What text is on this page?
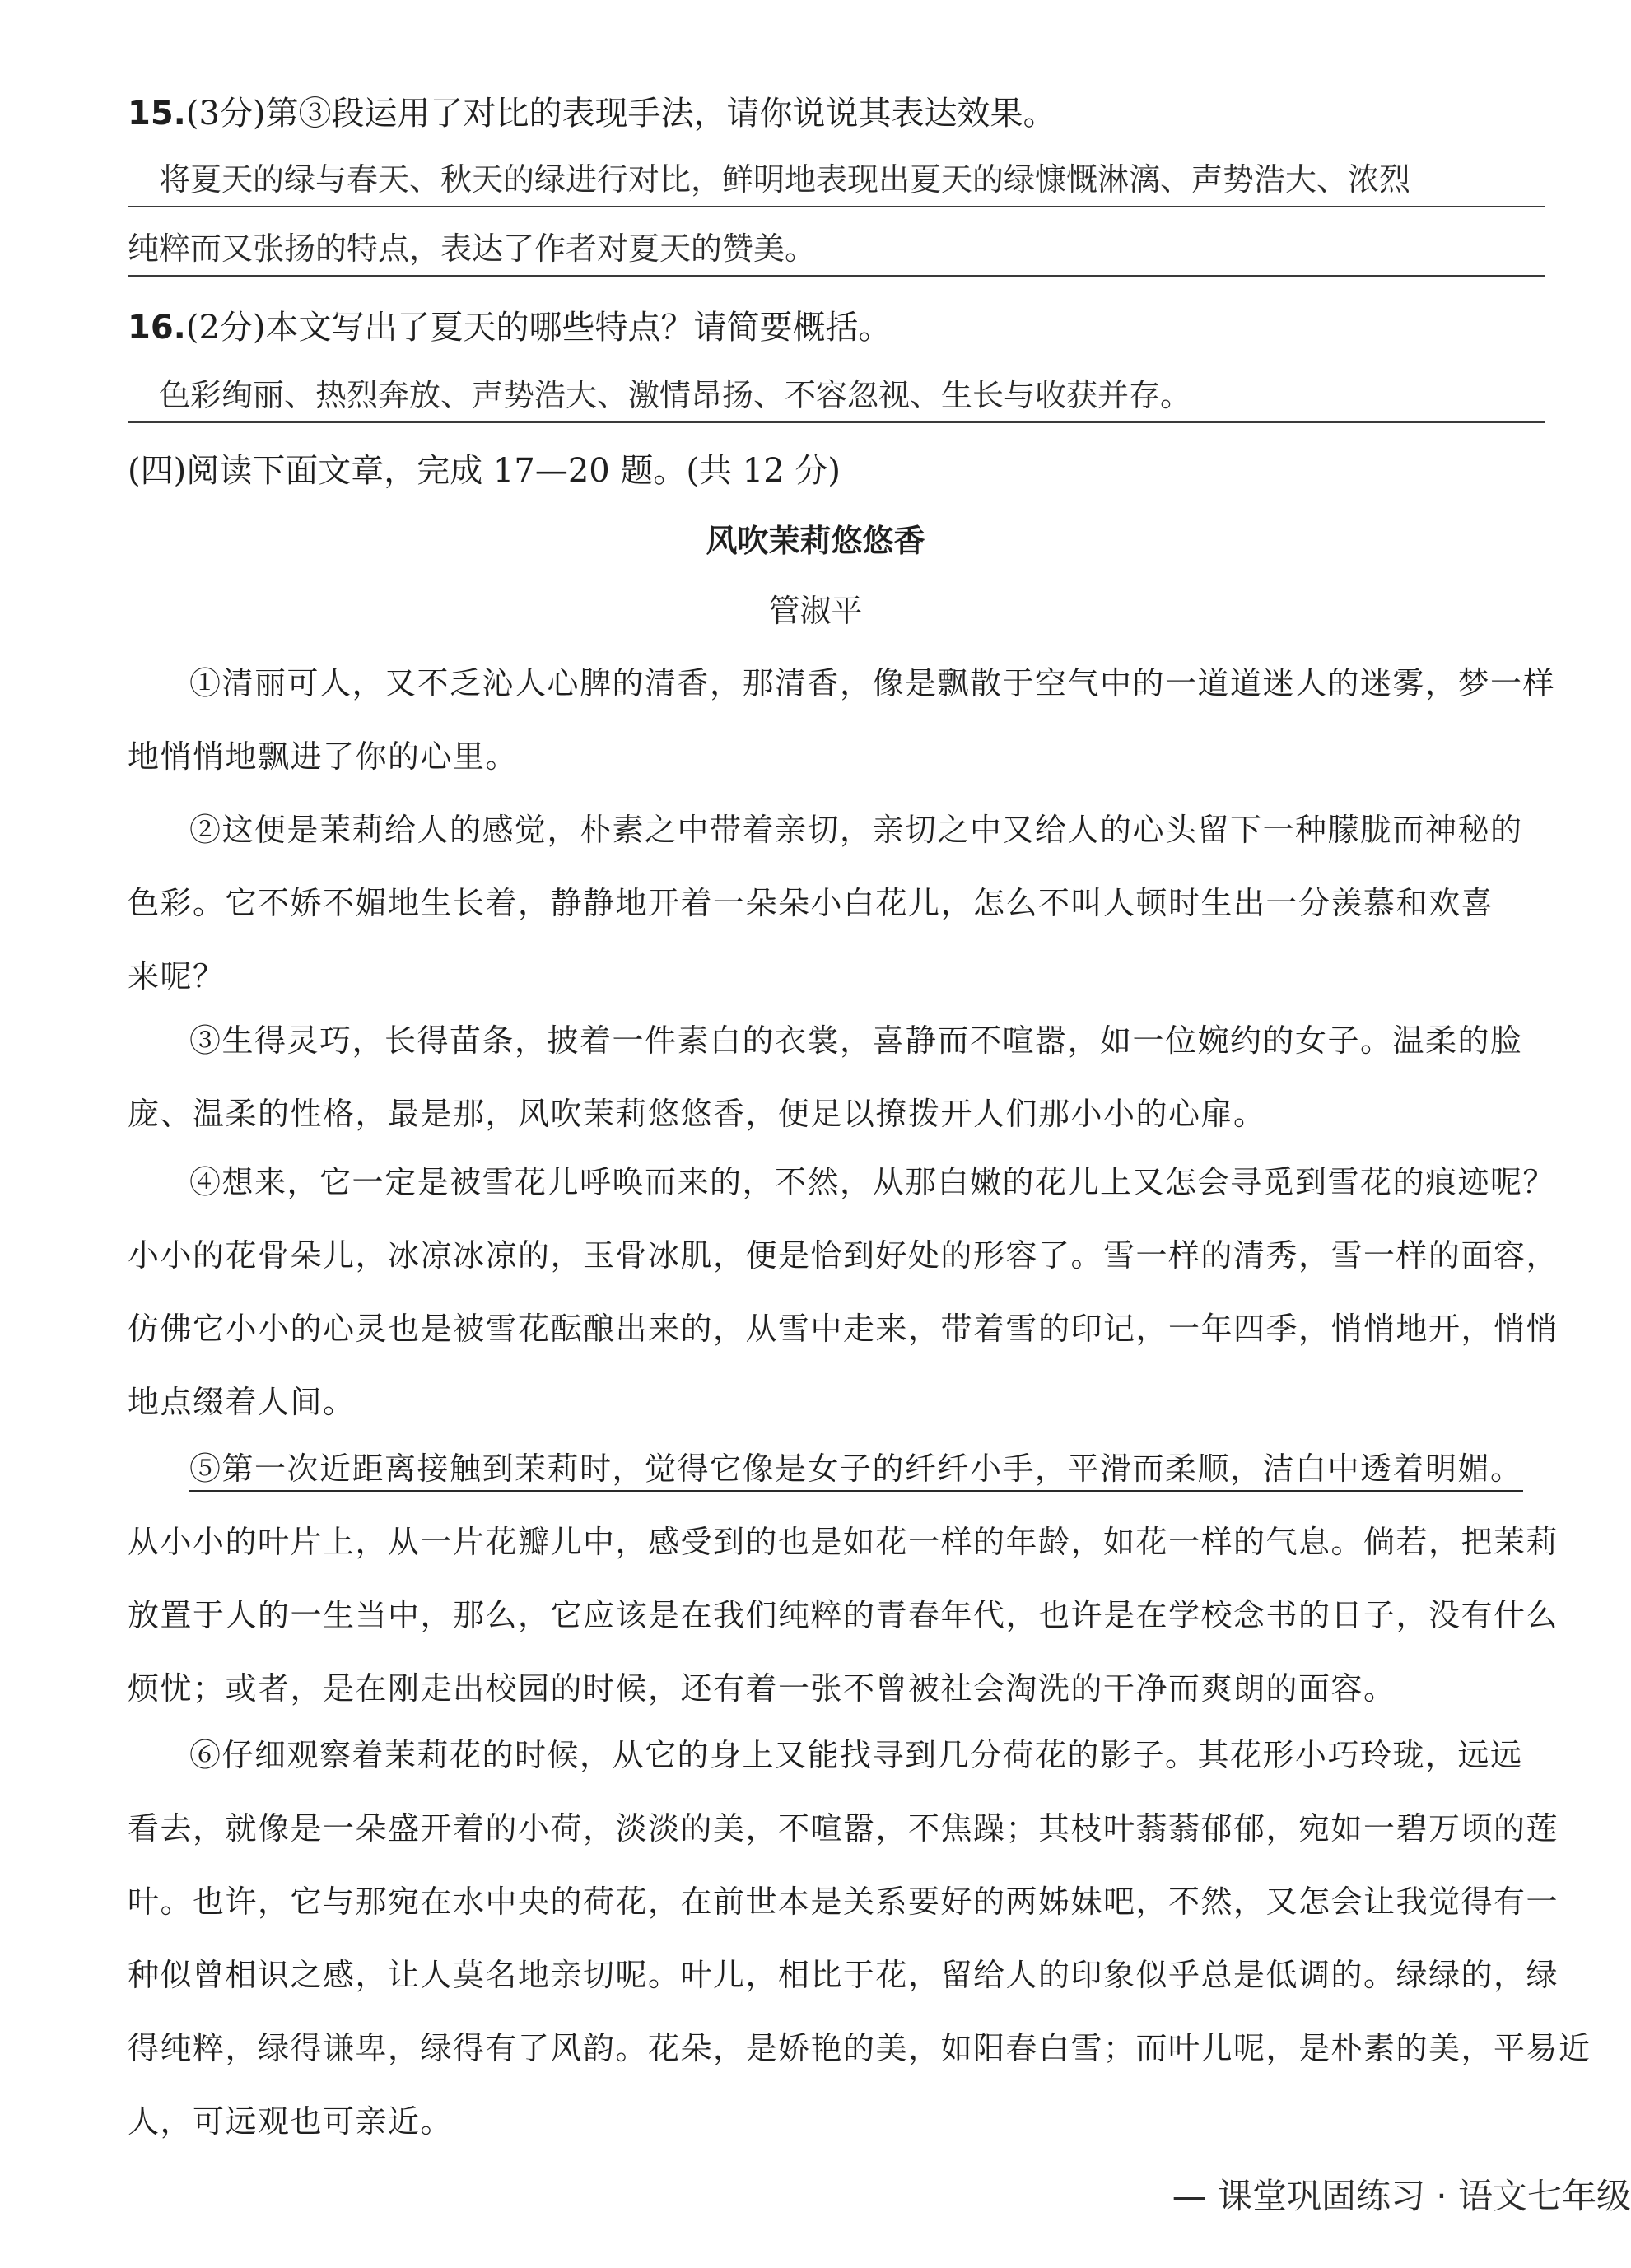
15.(3分)第③段运用了对比的表现手法，请你说说其表达效果。
将夏天的绿与春天、秋天的绿进行对比，鲜明地表现出夏天的绿慷慨淋漓、声势浩大、浓烈
纯粹而又张扬的特点，表达了作者对夏天的赞美。
16.(2分)本文写出了夏天的哪些特点？请简要概括。
色彩绚丽、热烈奔放、声势浩大、激情昂扬、不容忽视、生长与收获并存。
(四)阅读下面文章，完成 17—20 题。(共 12 分)
风吹茉莉悠悠香
管淑平
①清丽可人，又不乏沁人心脾的清香，那清香，像是飘散于空气中的一道道迷人的迷雾，梦一样
地悄悄地飘进了你的心里。
②这便是茉莉给人的感觉，朴素之中带着亲切，亲切之中又给人的心头留下一种朦胧而神秘的
色彩。它不娇不媚地生长着，静静地开着一朵朵小白花儿，怎么不叫人顿时生出一分羡慕和欢喜
来呢？
③生得灵巧，长得苗条，披着一件素白的衣裳，喜静而不喧嚣，如一位婉约的女子。温柔的脸
庞、温柔的性格，最是那，风吹茉莉悠悠香，便足以撩拨开人们那小小的心扉。
④想来，它一定是被雪花儿呼唤而来的，不然，从那白嫩的花儿上又怎会寻觅到雪花的痕迹呢？
小小的花骨朵儿，冰凉冰凉的，玉骨冰肌，便是恰到好处的形容了。雪一样的清秀，雪一样的面容，
仿佛它小小的心灵也是被雪花酝酿出来的，从雪中走来，带着雪的印记，一年四季，悄悄地开，悄悄
地点缀着人间。
⑤第一次近距离接触到茉莉时，觉得它像是女子的纤纤小手，平滑而柔顺，洁白中透着明媚。
从小小的叶片上，从一片花瓣儿中，感受到的也是如花一样的年龄，如花一样的气息。倘若，把茉莉
放置于人的一生当中，那么，它应该是在我们纯粹的青春年代，也许是在学校念书的日子，没有什么
烦忧；或者，是在刚走出校园的时候，还有着一张不曾被社会淘洗的干净而爽朗的面容。
⑥仔细观察着茉莉花的时候，从它的身上又能找寻到几分荷花的影子。其花形小巧玲珑，远远
看去，就像是一朵盛开着的小荷，淡淡的美，不喧嚣，不焦躁；其枝叶蓊蓊郁郁，宛如一碧万顷的莲
叶。也许，它与那宛在水中央的荷花，在前世本是关系要好的两姊妹吧，不然，又怎会让我觉得有一
种似曾相识之感，让人莫名地亲切呢。叶儿，相比于花，留给人的印象似乎总是低调的。绿绿的，绿
得纯粹，绿得谦卑，绿得有了风韵。花朵，是娇艳的美，如阳春白雪；而叶儿呢，是朴素的美，平易近
人，可远观也可亲近。
— 课堂巩固练习 · 语文七年级
